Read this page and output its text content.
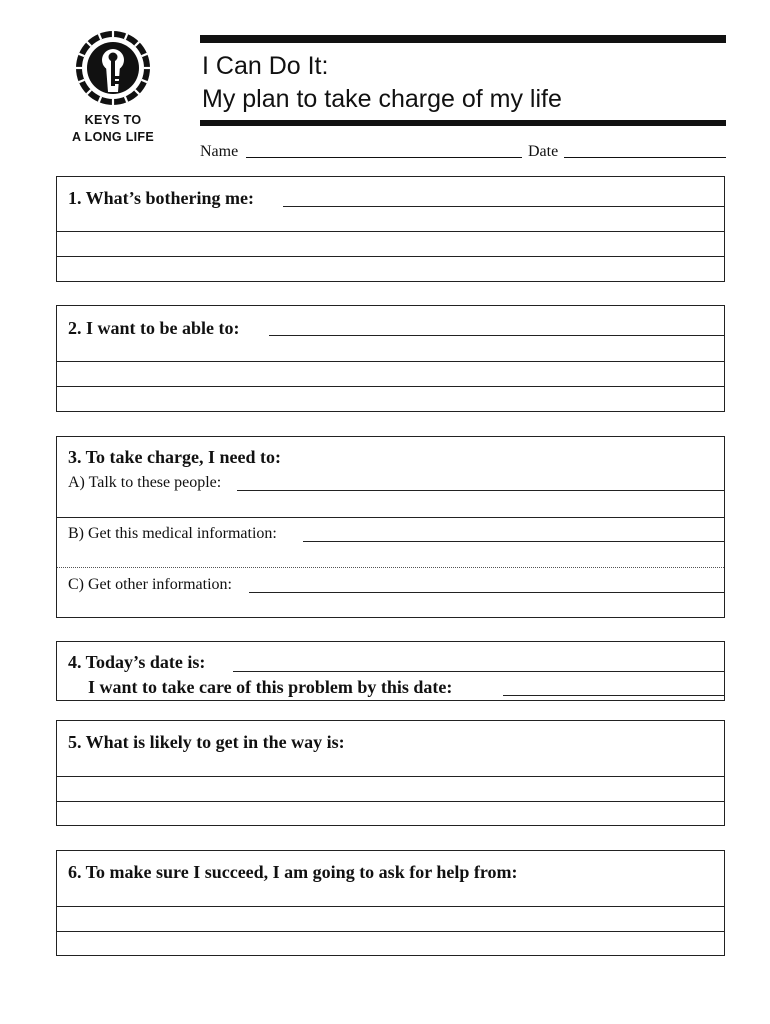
KEYS TO
A LONG LIFE
I Can Do It:
My plan to take charge of my life
Name	Date
1. What’s bothering me:
2. I want to be able to:
3. To take charge, I need to:
A) Talk to these people:
B) Get this medical information:
C) Get other information:
4. Today’s date is:
I want to take care of this problem by this date:
5. What is likely to get in the way is:
6. To make sure I succeed, I am going to ask for help from:
